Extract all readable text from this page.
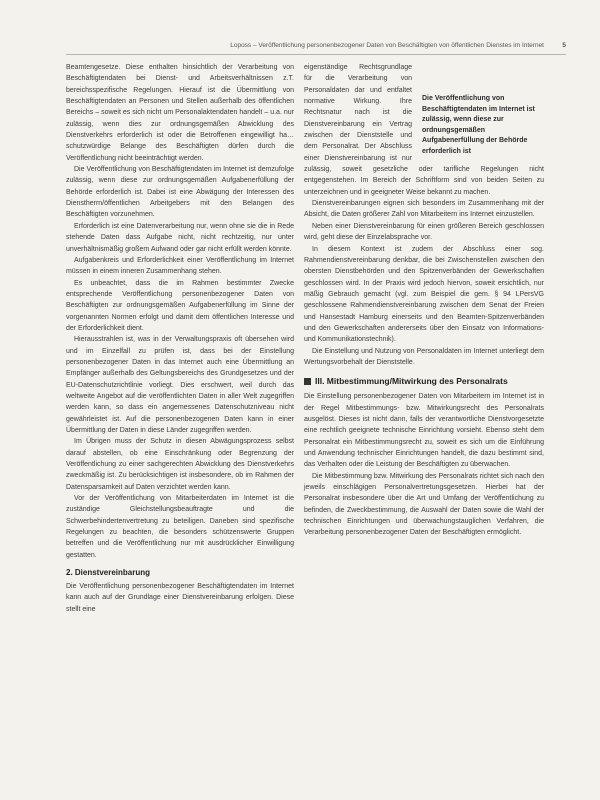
Loposs – Veröffentlichung personenbezogener Daten von Beschäftigten von öffentlichen Dienstes im Internet	5

Beamtengesetze. Diese enthalten hinsichtlich der Verarbeitung von Beschäftigtendaten bei Dienst- und Arbeitsverhältnissen z.T. bereichsspezifische Regelungen. Hierauf ist die Übermittlung von Beschäftigtendaten an Personen und Stellen außerhalb des öffentlichen Bereichs – soweit es sich nicht um Personalaktendaten handelt – u.a. nur zulässig, wenn dies zur ordnungsgemäßen Abwicklung des Dienstverkehrs erforderlich ist oder die Betroffenen eingewilligt ha… schutzwürdige Belange des Beschäftigten dürfen durch die Veröffentlichung nicht beeinträchtigt werden.

Die Veröffentlichung von Beschäftigtendaten im Internet ist demzufolge zulässig, wenn diese zur ordnungsgemäßen Aufgabenerfüllung der Behörde erforderlich ist. Dabei ist eine Abwägung der Interessen des Dienstherrn/öffentlichen Arbeitgebers mit den Belangen des Beschäftigten vorzunehmen.

Erforderlich ist eine Datenverarbeitung nur, wenn ohne sie die in Rede stehende Daten dass Aufgabe nicht, nicht rechtzeitig, nur unter unverhältnismäßig großem Aufwand oder gar nicht erfüllt werden könnte.

Aufgabenkreis und Erforderlichkeit einer Veröffentlichung im Internet müssen in einem inneren Zusammenhang stehen.

Es unbeachtet, dass die im Rahmen bestimmter Zwecke entsprechende Veröffentlichung personenbezogener Daten von Beschäftigten zur ordnungsgemäßen Aufgabenerfüllung im Sinne der vorgenannten Normen erfolgt und damit dem öffentlichen Interesse und der Erforderlichkeit dient.

Hierausstrahlen ist, was in der Verwaltungspraxis oft übersehen wird und im Einzelfall zu prüfen ist, dass bei der Einstellung personenbezogener Daten in das Internet auch eine Übermittlung an Empfänger außerhalb des Geltungsbereichs des Grundgesetzes und der EU-Datenschutzrichtlinie vorliegt. Dies erschwert, weil durch das weltweite Angebot auf die veröffentlichten Daten in aller Welt zugegriffen werden kann, so dass ein angemessenes Datenschutzniveau nicht gewährleistet ist. Auf die personenbezogenen Daten kann in einer Übermittlung der Daten in diese Länder zugegriffen werden.

Im Übrigen muss der Schutz in diesen Abwägungsprozess selbst darauf abstellen, ob eine Einschränkung oder Begrenzung der Veröffentlichung zu einer sachgerechten Abwicklung des Dienstverkehrs zweckmäßig ist. Zu berücksichtigen ist insbesondere, ob im Rahmen der Datensparsamkeit auf Daten verzichtet werden kann.

Vor der Veröffentlichung von Mitarbeiterdaten im Internet ist die zuständige Gleichstellungsbeauftragte und die Schwerbehindertenvertretung zu beteiligen. Daneben sind spezifische Regelungen zu beachten, die besonders schützenswerte Gruppen betreffen und die Veröffentlichung nur mit ausdrücklicher Einwilligung gestatten.

2. Dienstvereinbarung

Die Veröffentlichung personenbezogener Beschäftigtendaten im Internet kann auch auf der Grundlage einer Dienstvereinbarung erfolgen. Diese stellt eine

Die Veröffentlichung von Beschäftigtendaten im Internet ist zulässig, wenn diese zur ordnungsgemäßen Aufgabenerfüllung der Behörde erforderlich ist

eigenständige Rechtsgrundlage für die Verarbeitung von Personaldaten dar und entfaltet normative Wirkung. Ihre Rechtsnatur nach ist die Dienstvereinbarung ein Vertrag zwischen der Dienststelle und dem Personalrat. Der Abschluss einer Dienstvereinbarung ist nur zulässig, soweit gesetzliche oder tarifliche Regelungen nicht entgegenstehen. Im Bereich der Schriftform sind von beiden Seiten zu unterzeichnen und in geeigneter Weise bekannt zu machen.

Dienstvereinbarungen eignen sich besonders im Zusammenhang mit der Absicht, die Daten größerer Zahl von Mitarbeitern ins Internet einzustellen.

Neben einer Dienstvereinbarung für einen größeren Bereich geschlossen wird, geht diese der Einzelabsprache vor.

In diesem Kontext ist zudem der Abschluss einer sog. Rahmendienstvereinbarung denkbar, die bei Zwischenstellen zwischen den obersten Dienstbehörden und den Spitzenverbänden der Gewerkschaften geschlossen wird. In der Praxis wird jedoch hiervon, soweit ersichtlich, nur mäßig Gebrauch gemacht (vgl. zum Beispiel die gem. § 94 LPersVG geschlossene Rahmendienstvereinbarung zwischen dem Senat der Freien und Hansestadt Hamburg einerseits und den Beamten-Spitzenverbänden und den Gewerkschaften andererseits über den Einsatz von Informations- und Kommunikationstechnik).

Die Einstellung und Nutzung von Personaldaten im Internet unterliegt dem Wertungsvorbehalt der Dienststelle.

III. Mitbestimmung/Mitwirkung des Personalrats

Die Einstellung personenbezogener Daten von Mitarbeitern im Internet ist in der Regel Mitbestimmungs- bzw. Mitwirkungsrecht des Personalrats ausgelöst. Dieses ist nicht dann, falls der verantwortliche Dienstvorgesetzte eine rechtlich geeignete technische Einrichtung vorsieht. Ebenso steht dem Personalrat ein Mitbestimmungsrecht zu, soweit es sich um die Einführung und Anwendung technischer Einrichtungen handelt, die dazu bestimmt sind, das Verhalten oder die Leistung der Beschäftigten zu überwachen.

Die Mitbestimmung bzw. Mitwirkung des Personalrats richtet sich nach den jeweils einschlägigen Personalvertretungsgesetzen. Hierbei hat der Personalrat insbesondere über die Art und Umfang der Veröffentlichung zu befinden, die Zweckbestimmung, die Auswahl der Daten sowie die Wahl der technischen Einrichtungen und überwachungstauglichen Verfahren, die Verarbeitung personenbezogener Daten der Beschäftigten ermöglicht.
